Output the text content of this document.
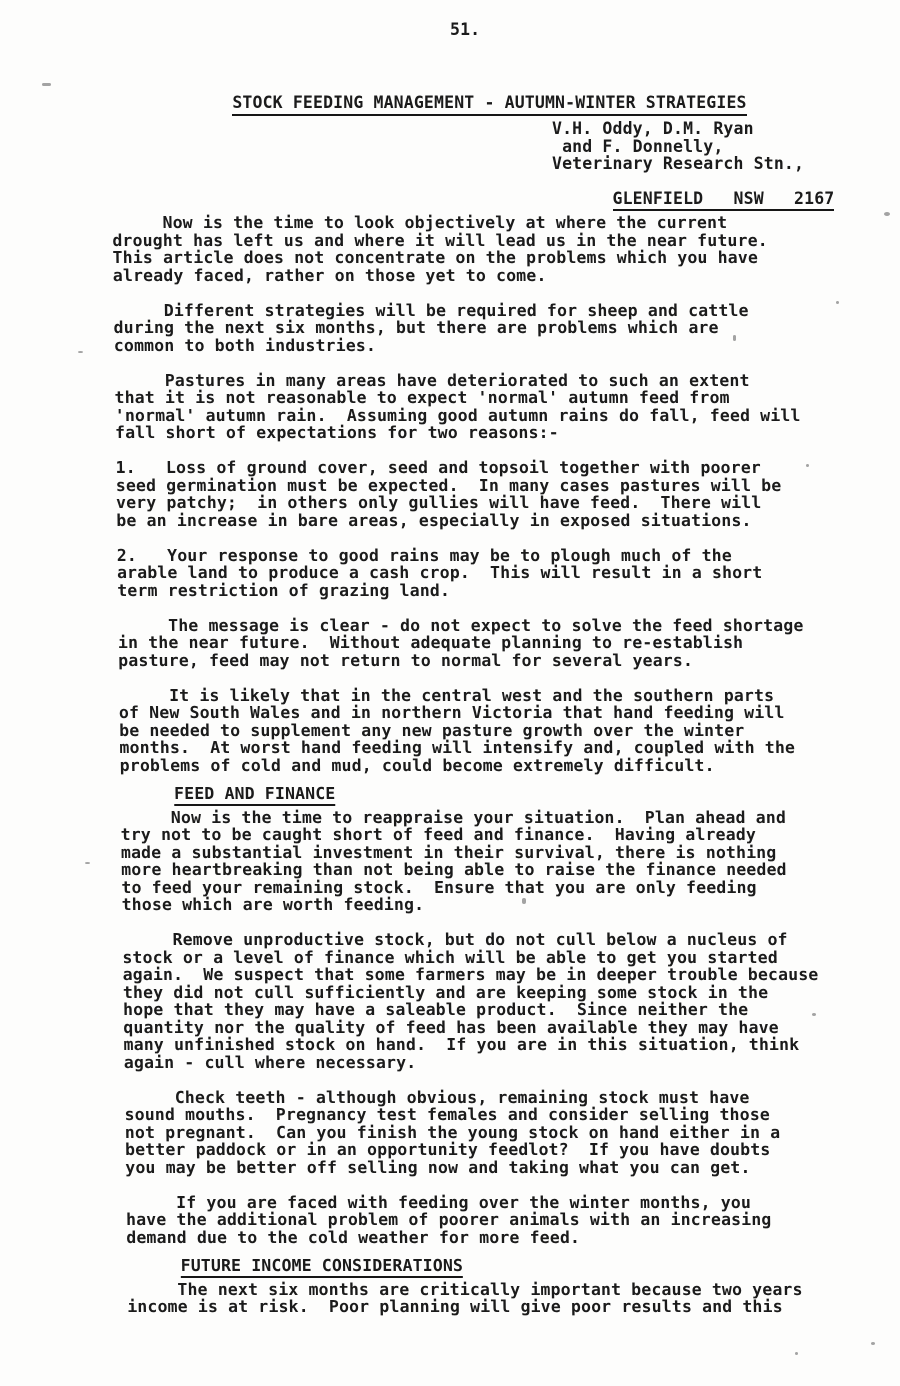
51.

STOCK FEEDING MANAGEMENT - AUTUMN-WINTER STRATEGIES

V.H. Oddy, D.M. Ryan
and F. Donnelly,
Veterinary Research Stn.,

GLENFIELD   NSW   2167

Now is the time to look objectively at where the current
drought has left us and where it will lead us in the near future.
This article does not concentrate on the problems which you have
already faced, rather on those yet to come.
Different strategies will be required for sheep and cattle
during the next six months, but there are problems which are
common to both industries.
Pastures in many areas have deteriorated to such an extent
that it is not reasonable to expect 'normal' autumn feed from
'normal' autumn rain.  Assuming good autumn rains do fall, feed will
fall short of expectations for two reasons:-
1.   Loss of ground cover, seed and topsoil together with poorer
seed germination must be expected.  In many cases pastures will be
very patchy;  in others only gullies will have feed.  There will
be an increase in bare areas, especially in exposed situations.
2.   Your response to good rains may be to plough much of the
arable land to produce a cash crop.  This will result in a short
term restriction of grazing land.
The message is clear - do not expect to solve the feed shortage
in the near future.  Without adequate planning to re-establish
pasture, feed may not return to normal for several years.
It is likely that in the central west and the southern parts
of New South Wales and in northern Victoria that hand feeding will
be needed to supplement any new pasture growth over the winter
months.  At worst hand feeding will intensify and, coupled with the
problems of cold and mud, could become extremely difficult.
FEED AND FINANCE
Now is the time to reappraise your situation.  Plan ahead and
try not to be caught short of feed and finance.  Having already
made a substantial investment in their survival, there is nothing
more heartbreaking than not being able to raise the finance needed
to feed your remaining stock.  Ensure that you are only feeding
those which are worth feeding.
Remove unproductive stock, but do not cull below a nucleus of
stock or a level of finance which will be able to get you started
again.  We suspect that some farmers may be in deeper trouble because
they did not cull sufficiently and are keeping some stock in the
hope that they may have a saleable product.  Since neither the
quantity nor the quality of feed has been available they may have
many unfinished stock on hand.  If you are in this situation, think
again - cull where necessary.
Check teeth - although obvious, remaining stock must have
sound mouths.  Pregnancy test females and consider selling those
not pregnant.  Can you finish the young stock on hand either in a
better paddock or in an opportunity feedlot?  If you have doubts
you may be better off selling now and taking what you can get.
If you are faced with feeding over the winter months, you
have the additional problem of poorer animals with an increasing
demand due to the cold weather for more feed.
FUTURE INCOME CONSIDERATIONS
The next six months are critically important because two years
income is at risk.  Poor planning will give poor results and this
